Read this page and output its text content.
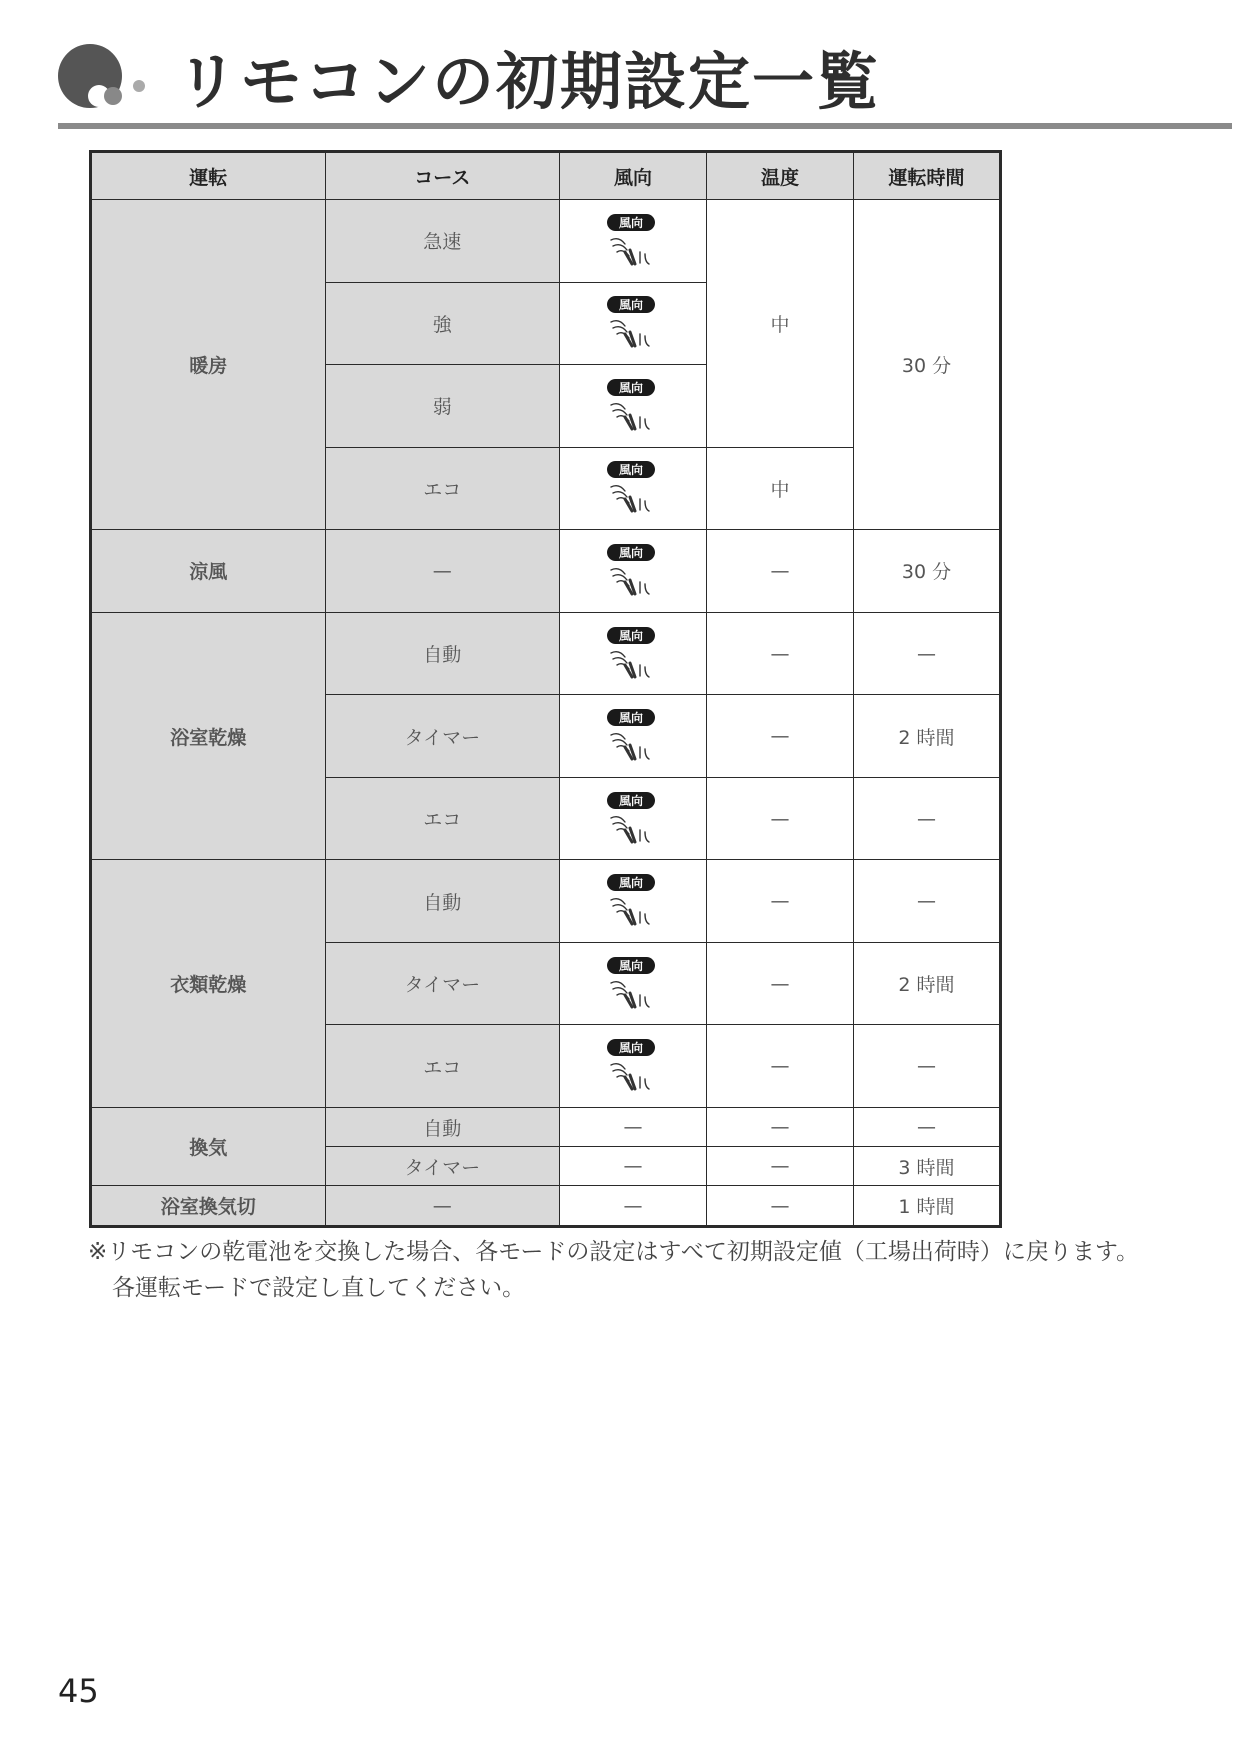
リモコンの初期設定一覧
運転	コース	風向	温度	運転時間
暖房	急速	風向	中	30 分
	強	風向		

	弱	風向		

	エコ	風向	中	
涼風	—	風向	—	30 分
浴室乾燥	自動	風向	—	—
	タイマー	風向	—	2 時間
	エコ	風向	—	—
衣類乾燥	自動	風向	—	—
	タイマー	風向	—	2 時間
	エコ	風向	—	—
換気	自動	—	—	—
	タイマー	—	—	3 時間
浴室換気切	—	—	—	1 時間

※リモコンの乾電池を交換した場合、各モードの設定はすべて初期設定値（工場出荷時）に戻ります。
各運転モードで設定し直してください。

45
